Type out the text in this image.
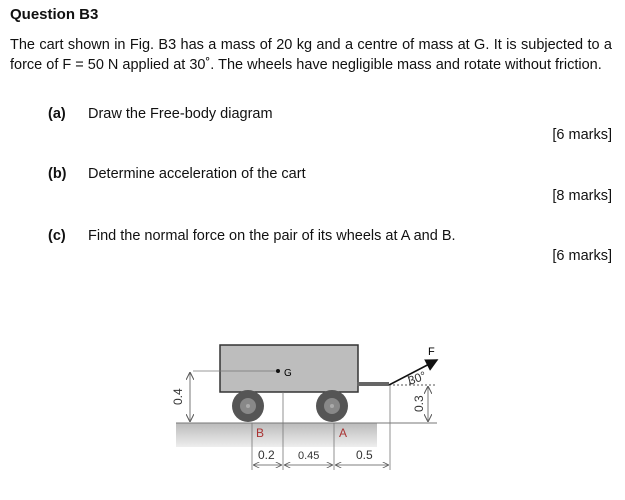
Question B3
The cart shown in Fig. B3 has a mass of 20 kg and a centre of mass at G. It is subjected to a force of F = 50 N applied at 30˚. The wheels have negligible mass and rotate without friction.
(a) Draw the Free-body diagram
[6 marks]
(b) Determine acceleration of the cart
[8 marks]
(c) Find the normal force on the pair of its wheels at A and B.
[6 marks]
G
0.4
F
30°
0.3
B	A
0.2 0.45	0.5
